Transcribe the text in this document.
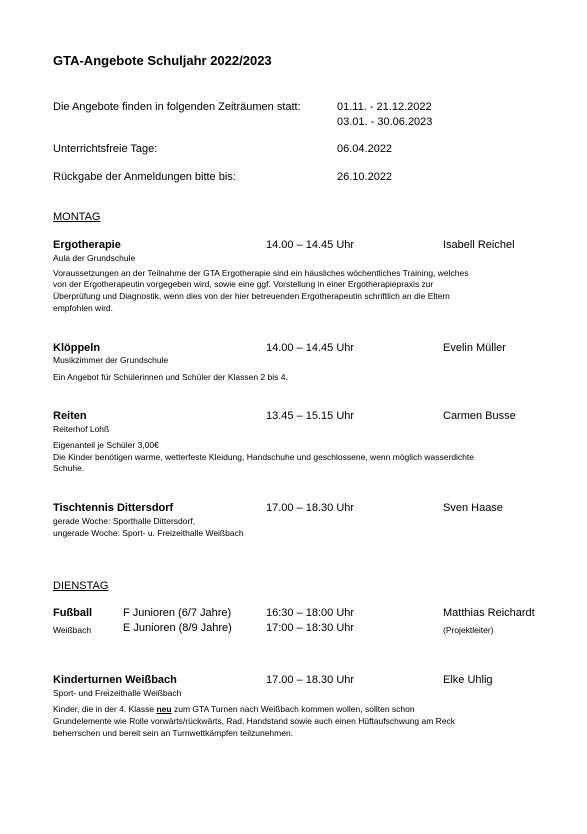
GTA-Angebote Schuljahr 2022/2023
Die Angebote finden in folgenden Zeiträumen statt:	01.11. - 21.12.2022
03.01. - 30.06.2023
Unterrichtsfreie Tage:	06.04.2022
Rückgabe der Anmeldungen bitte bis:	26.10.2022
MONTAG
Ergotherapie	14.00 – 14.45 Uhr	Isabell Reichel
Aula der Grundschule
Voraussetzungen an der Teilnahme der GTA Ergotherapie sind ein häusliches wöchentliches Training, welches
von der Ergotherapeutin vorgegeben wird, sowie eine ggf. Vorstellung in einer Ergotherapiepraxis zur
Überprüfung und Diagnostik, wenn dies von der hier betreuenden Ergotherapeutin schriftlich an die Eltern
empfohlen wird.
Klöppeln	14.00 – 14.45 Uhr	Evelin Müller
Musikzimmer der Grundschule
Ein Angebot für Schülerinnen und Schüler der Klassen 2 bis 4.
Reiten	13.45 – 15.15 Uhr	Carmen Busse
Reiterhof Lohß
Eigenanteil je Schüler 3,00€
Die Kinder benötigen warme, wetterfeste Kleidung, Handschuhe und geschlossene, wenn möglich wasserdichte
Schuhe.
Tischtennis Dittersdorf	17.00 – 18.30 Uhr	Sven Haase
gerade Woche: Sporthalle Dittersdorf,
ungerade Woche: Sport- u. Freizeithalle Weißbach
DIENSTAG
Fußball	F Junioren (6/7 Jahre)	16:30 – 18:00 Uhr	Matthias Reichardt
Weißbach	E Junioren (8/9 Jahre)	17:00 – 18:30 Uhr	(Projektleiter)
Kinderturnen Weißbach	17.00 – 18.30 Uhr	Elke Uhlig
Sport- und Freizeithalle Weißbach
Kinder, die in der 4. Klasse neu zum GTA Turnen nach Weißbach kommen wollen, sollten schon
Grundelemente wie Rolle vorwärts/rückwärts, Rad, Handstand sowie auch einen Hüftaufschwung am Reck
beherrschen und bereit sein an Turnwettkämpfen teilzunehmen.
